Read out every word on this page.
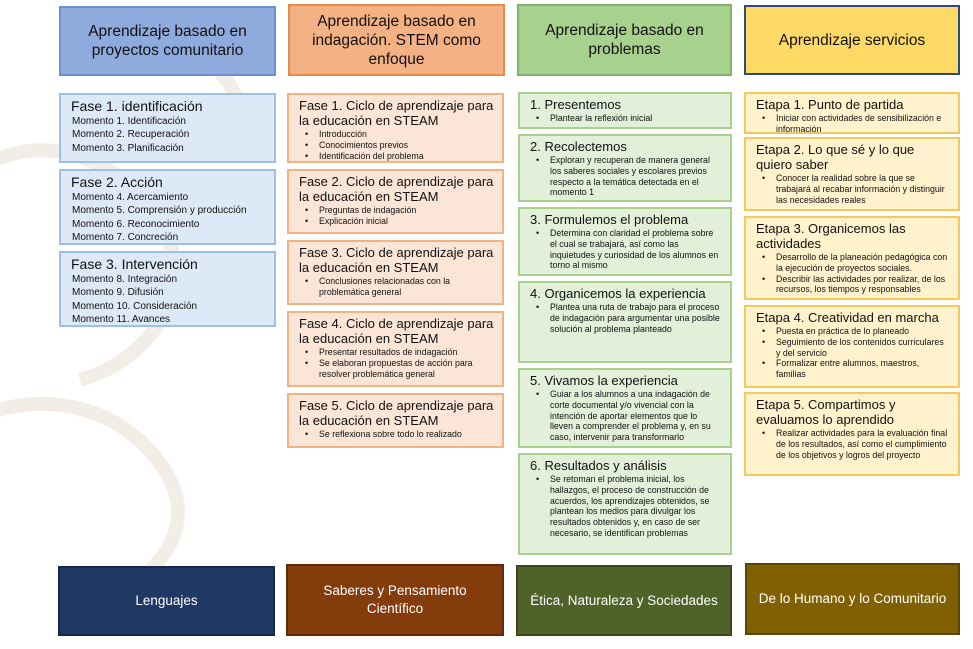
Aprendizaje basado en proyectos comunitario
Fase 1. identificación
Momento 1. Identificación
Momento 2. Recuperación
Momento 3. Planificación
Fase 2. Acción
Momento 4. Acercamiento
Momento 5. Comprensión y producción
Momento 6. Reconocimiento
Momento 7. Concreción
Fase 3. Intervención
Momento 8. Integración
Momento 9. Difusión
Momento 10. Consideración
Momento 11. Avances
Lenguajes
Aprendizaje basado en indagación. STEM como enfoque
Fase 1. Ciclo de aprendizaje para la educación en STEAM
• Introducción
• Conocimientos previos
• Identificación del problema
Fase 2. Ciclo de aprendizaje para la educación en STEAM
• Preguntas de indagación
• Explicación inicial
Fase 3. Ciclo de aprendizaje para la educación en STEAM
• Conclusiones relacionadas con la problemática general
Fase 4. Ciclo de aprendizaje para la educación en STEAM
• Presentar resultados de indagación
• Se elaboran propuestas de acción para resolver problemática general
Fase 5. Ciclo de aprendizaje para la educación en STEAM
• Se reflexiona sobre todo lo realizado
Saberes y Pensamiento Científico
Aprendizaje basado en problemas
1. Presentemos
• Plantear la reflexión inicial
2. Recolectemos
• Exploran y recuperan de manera general los saberes sociales y escolares previos respecto a la temática detectada en el momento 1
3. Formulemos el problema
• Determina con claridad el problema sobre el cual se trabajará, así como las inquietudes y curiosidad de los alumnos en torno al mismo
4. Organicemos la experiencia
• Plantea una ruta de trabajo para el proceso de indagación para argumentar una posible solución al problema planteado
5. Vivamos la experiencia
• Guiar a los alumnos a una indagación de corte documental y/o vivencial con la intención de aportar elementos que lo lleven a comprender el problema y, en su caso, intervenir para transformarlo
6. Resultados y análisis
• Se retoman el problema inicial, los hallazgos, el proceso de construcción de acuerdos, los aprendizajes obtenidos, se plantean los medios para divulgar los resultados obtenidos y, en caso de ser necesario, se identifican problemas
Ética, Naturaleza y Sociedades
Aprendizaje servicios
Etapa 1. Punto de partida
• Iniciar con actividades de sensibilización e información
Etapa 2. Lo que sé y lo que quiero saber
• Conocer la realidad sobre la que se trabajará al recabar información y distinguir las necesidades reales
Etapa 3. Organicemos las actividades
• Desarrollo de la planeación pedagógica con la ejecución de proyectos sociales.
• Describir las actividades por realizar, de los recursos, los tiempos y responsables
Etapa 4. Creatividad en marcha
• Puesta en práctica de lo planeado
• Seguimiento de los contenidos curriculares y del servicio
• Formalizar entre alumnos, maestros, familias
Etapa 5. Compartimos y evaluamos lo aprendido
• Realizar actividades para la evaluación final de los resultados, así como el cumplimiento de los objetivos y logros del proyecto
De lo Humano y lo Comunitario
